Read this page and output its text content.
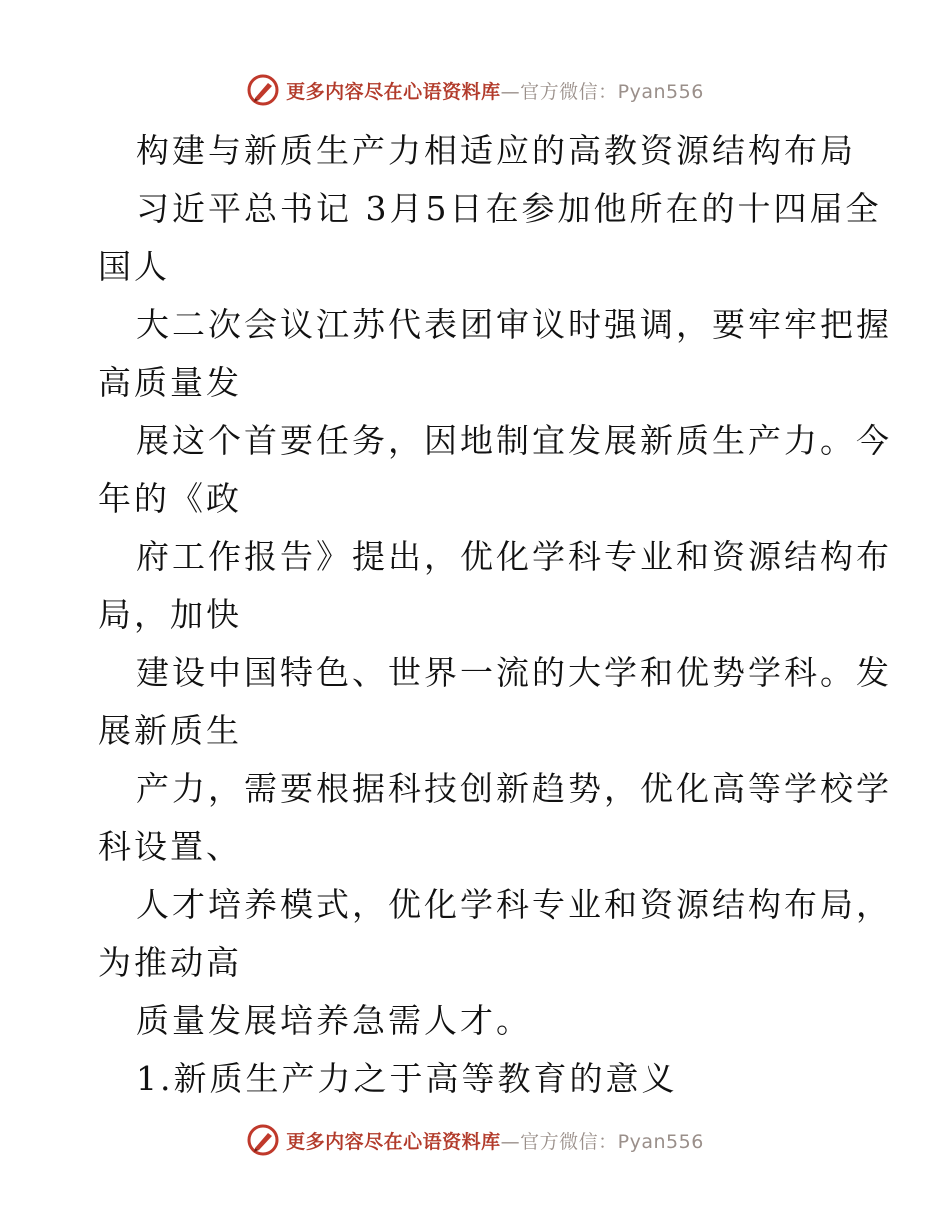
更多内容尽在心语资料库—官方微信：Pyan556
构建与新质生产力相适应的高教资源结构布局
习近平总书记 3月5日在参加他所在的十四届全
国人
大二次会议江苏代表团审议时强调，要牢牢把握
高质量发
展这个首要任务，因地制宜发展新质生产力。今
年的《政
府工作报告》提出，优化学科专业和资源结构布
局，加快
建设中国特色、世界一流的大学和优势学科。发
展新质生
产力，需要根据科技创新趋势，优化高等学校学
科设置、
人才培养模式，优化学科专业和资源结构布局，
为推动高
质量发展培养急需人才。
1.新质生产力之于高等教育的意义
更多内容尽在心语资料库—官方微信：Pyan556
